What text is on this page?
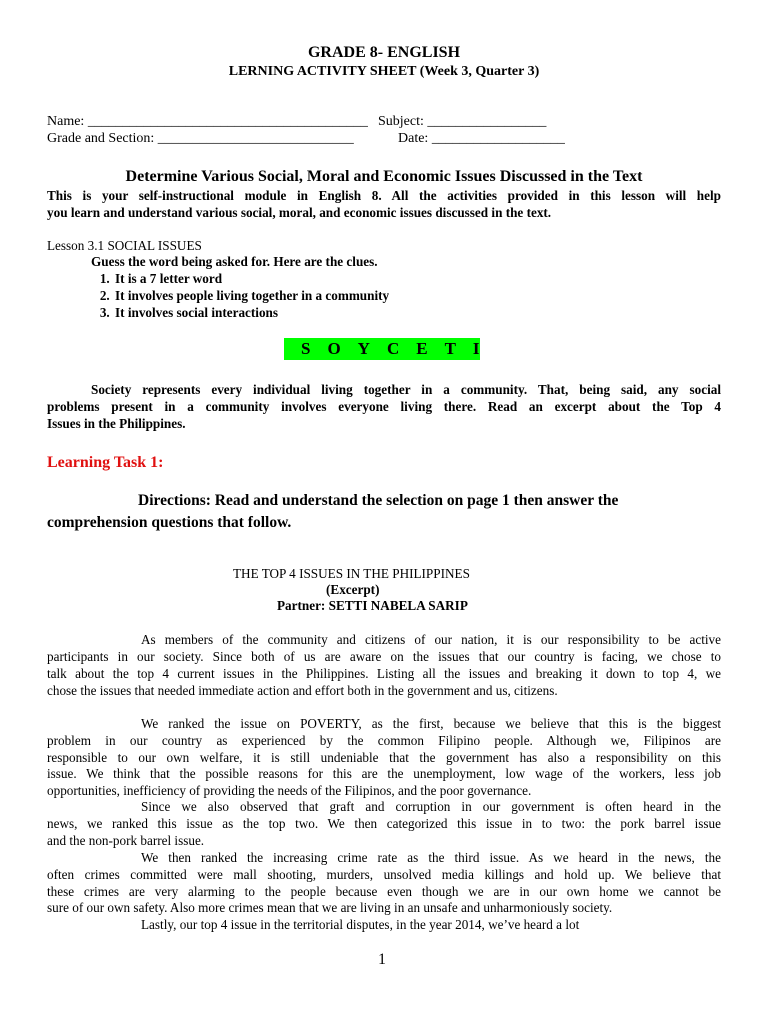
GRADE 8- ENGLISH
LERNING ACTIVITY SHEET (Week 3, Quarter 3)
Name: ________________________________________ Subject: _________________
Grade and Section: ____________________________	Date: ___________________
Determine Various Social, Moral and Economic Issues Discussed in the Text
This is your self-instructional module in English 8. All the activities provided in this lesson will help
you learn and understand various social, moral, and economic issues discussed in the text.
Lesson 3.1 SOCIAL ISSUES
Guess the word being asked for. Here are the clues.
1. It is a 7 letter word
2. It involves people living together in a community
3. It involves social interactions
SOYCETI
Society represents every individual living together in a community. That, being said, any social
problems present in a community involves everyone living there. Read an excerpt about the Top 4
Issues in the Philippines.
Learning Task 1:
Directions: Read and understand the selection on page 1 then answer the
comprehension questions that follow.
THE TOP 4 ISSUES IN THE PHILIPPINES
(Excerpt)
Partner: SETTI NABELA SARIP
As members of the community and citizens of our nation, it is our responsibility to be active
participants in our society. Since both of us are aware on the issues that our country is facing, we chose to
talk about the top 4 current issues in the Philippines. Listing all the issues and breaking it down to top 4, we
chose the issues that needed immediate action and effort both in the government and us, citizens.
We ranked the issue on POVERTY, as the first, because we believe that this is the biggest
problem in our country as experienced by the common Filipino people. Although we, Filipinos are
responsible to our own welfare, it is still undeniable that the government has also a responsibility on this
issue. We think that the possible reasons for this are the unemployment, low wage of the workers, less job
opportunities, inefficiency of providing the needs of the Filipinos, and the poor governance.
Since we also observed that graft and corruption in our government is often heard in the
news, we ranked this issue as the top two. We then categorized this issue in to two: the pork barrel issue
and the non-pork barrel issue.
We then ranked the increasing crime rate as the third issue. As we heard in the news, the
often crimes committed were mall shooting, murders, unsolved media killings and hold up. We believe that
these crimes are very alarming to the people because even though we are in our own home we cannot be
sure of our own safety. Also more crimes mean that we are living in an unsafe and unharmoniously society.
Lastly, our top 4 issue in the territorial disputes, in the year 2014, we’ve heard a lot
1
